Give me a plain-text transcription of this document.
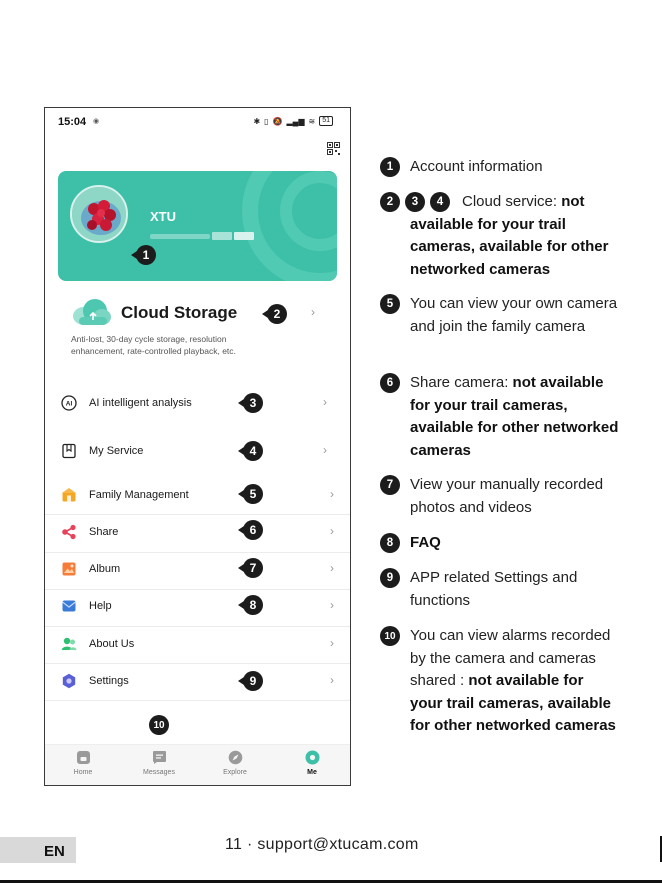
15:04 ◉	✱ ▯ 🔕 ▂▄▆ ≋	51
XTU
1
Cloud Storage	2	›

Anti-lost, 30-day cycle storage, resolution enhancement, rate-controlled playback, etc.

AI AI intelligent analysis	3	›
My Service	4	›
Family Management	5	›
Share	6	›
Album	7	›
Help	8	›
About Us	›
Settings	9	›
10
Home	Messages	Explore	Me
1	Account information

2	3	4	Cloud service: not available for your trail cameras, available for other networked cameras

5	You can view your own camera and join the family camera

6	Share camera: not available for your trail cameras, available for other networked cameras

7	View your manually recorded photos and videos

8	FAQ

9	APP related Settings and functions

10 You can view alarms recorded by the camera and cameras shared : not available for your trail cameras, available for other networked cameras

EN	11 · support@xtucam.com
